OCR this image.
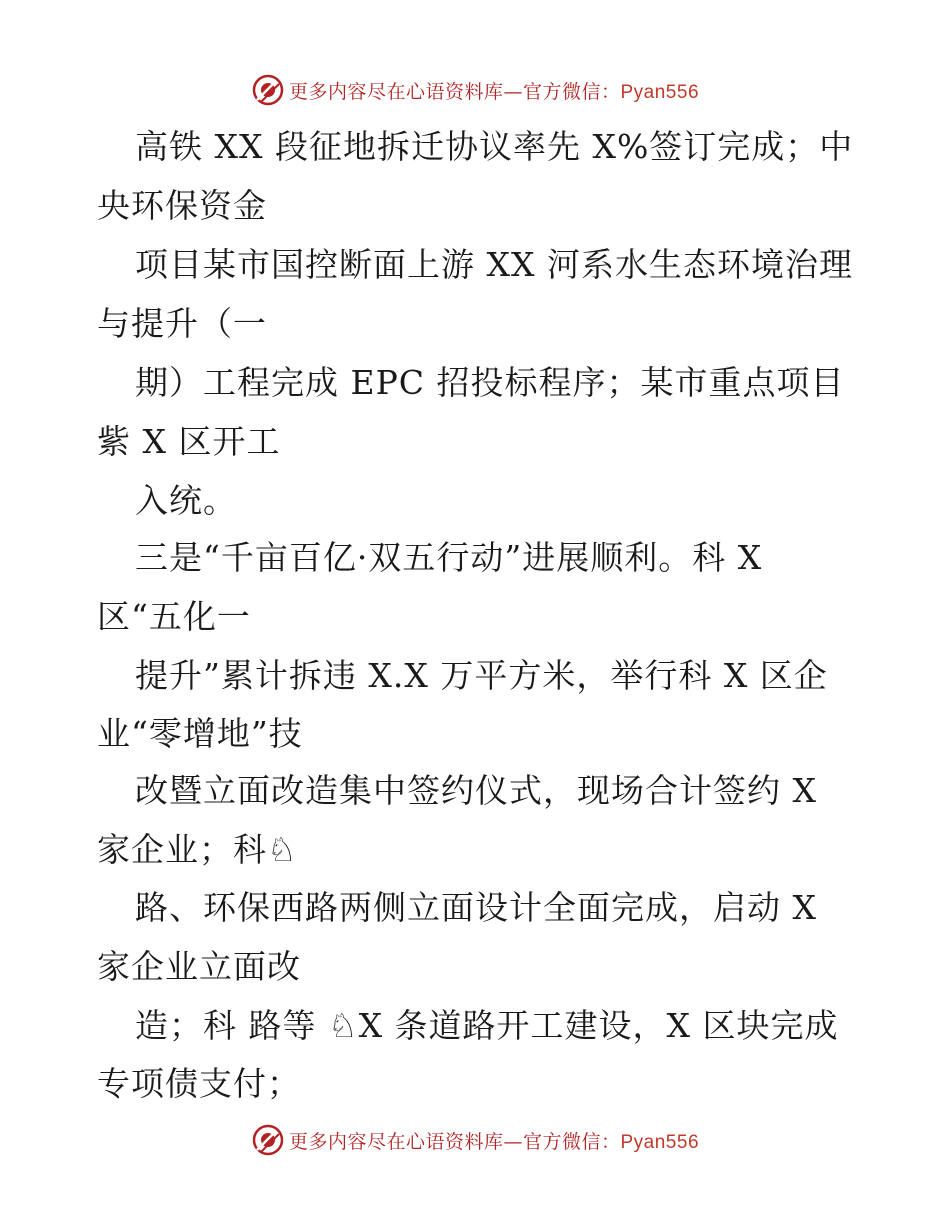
更多内容尽在心语资料库—官方微信：Pyan556
高铁 XX 段征地拆迁协议率先 X%签订完成；中
央环保资金
项目某市国控断面上游 XX 河系水生态环境治理
与提升（一
期）工程完成 EPC 招投标程序；某市重点项目
紫 X 区开工
入统。
三是“千亩百亿·双五行动”进展顺利。科 X
区“五化一
提升”累计拆违 X.X 万平方米，举行科 X 区企
业“零增地”技
改暨立面改造集中签约仪式，现场合计签约 X
家企业；科♘
路、环保西路两侧立面设计全面完成，启动 X
家企业立面改
造；科 路等 ♘X 条道路开工建设，X 区块完成
专项债支付；
更多内容尽在心语资料库—官方微信：Pyan556
